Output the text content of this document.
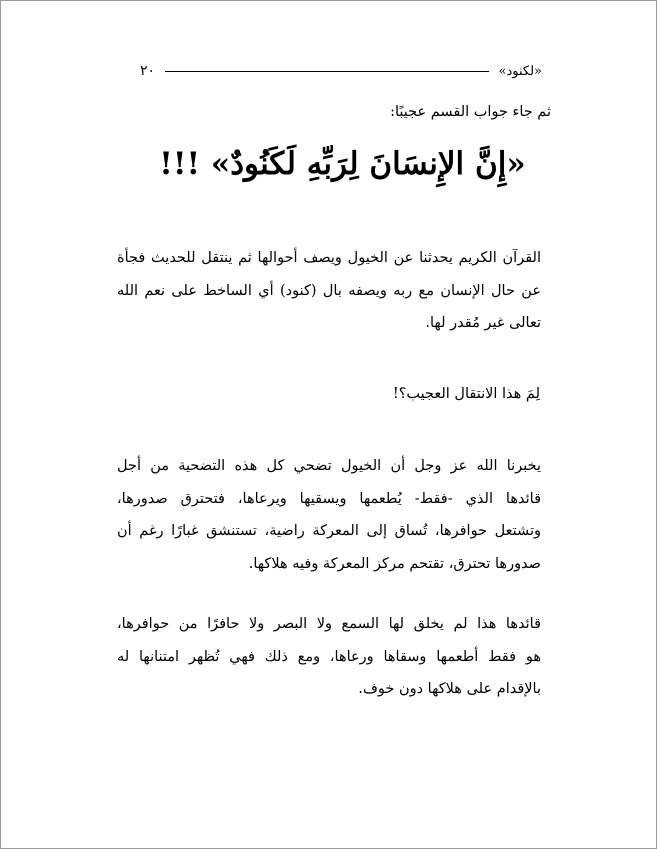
«لكنود»
٢٠
ثم جاء جواب القسم عجيبًا:
«إِنَّ الإِنسَانَ لِرَبِّهِ لَكَنُودٌ» !!!
القرآن الكريم يحدثنا عن الخيول ويصف أحوالها ثم ينتقل للحديث فجأة
عن حال الإنسان مع ربه ويصفه بال (كنود) أي الساخط على نعم الله
تعالى غير مُقدر لها.
لِمَ هذا الانتقال العجيب؟!
يخبرنا الله عز وجل أن الخيول تضحي كل هذه التضحية من أجل
قائدها الذي -فقط- يُطعمها ويسقيها ويرعاها، فتحترق صدورها،
وتشتعل حوافرها، تُساق إلى المعركة راضية، تستنشق غبارًا رغم أن
صدورها تحترق، تقتحم مركز المعركة وفيه هلاكها.
قائدها هذا لم يخلق لها السمع ولا البصر ولا حافرًا من حوافرها،
هو فقط أطعمها وسقاها ورعاها، ومع ذلك فهي تُظهر امتنانها له
بالإقدام على هلاكها دون خوف.
